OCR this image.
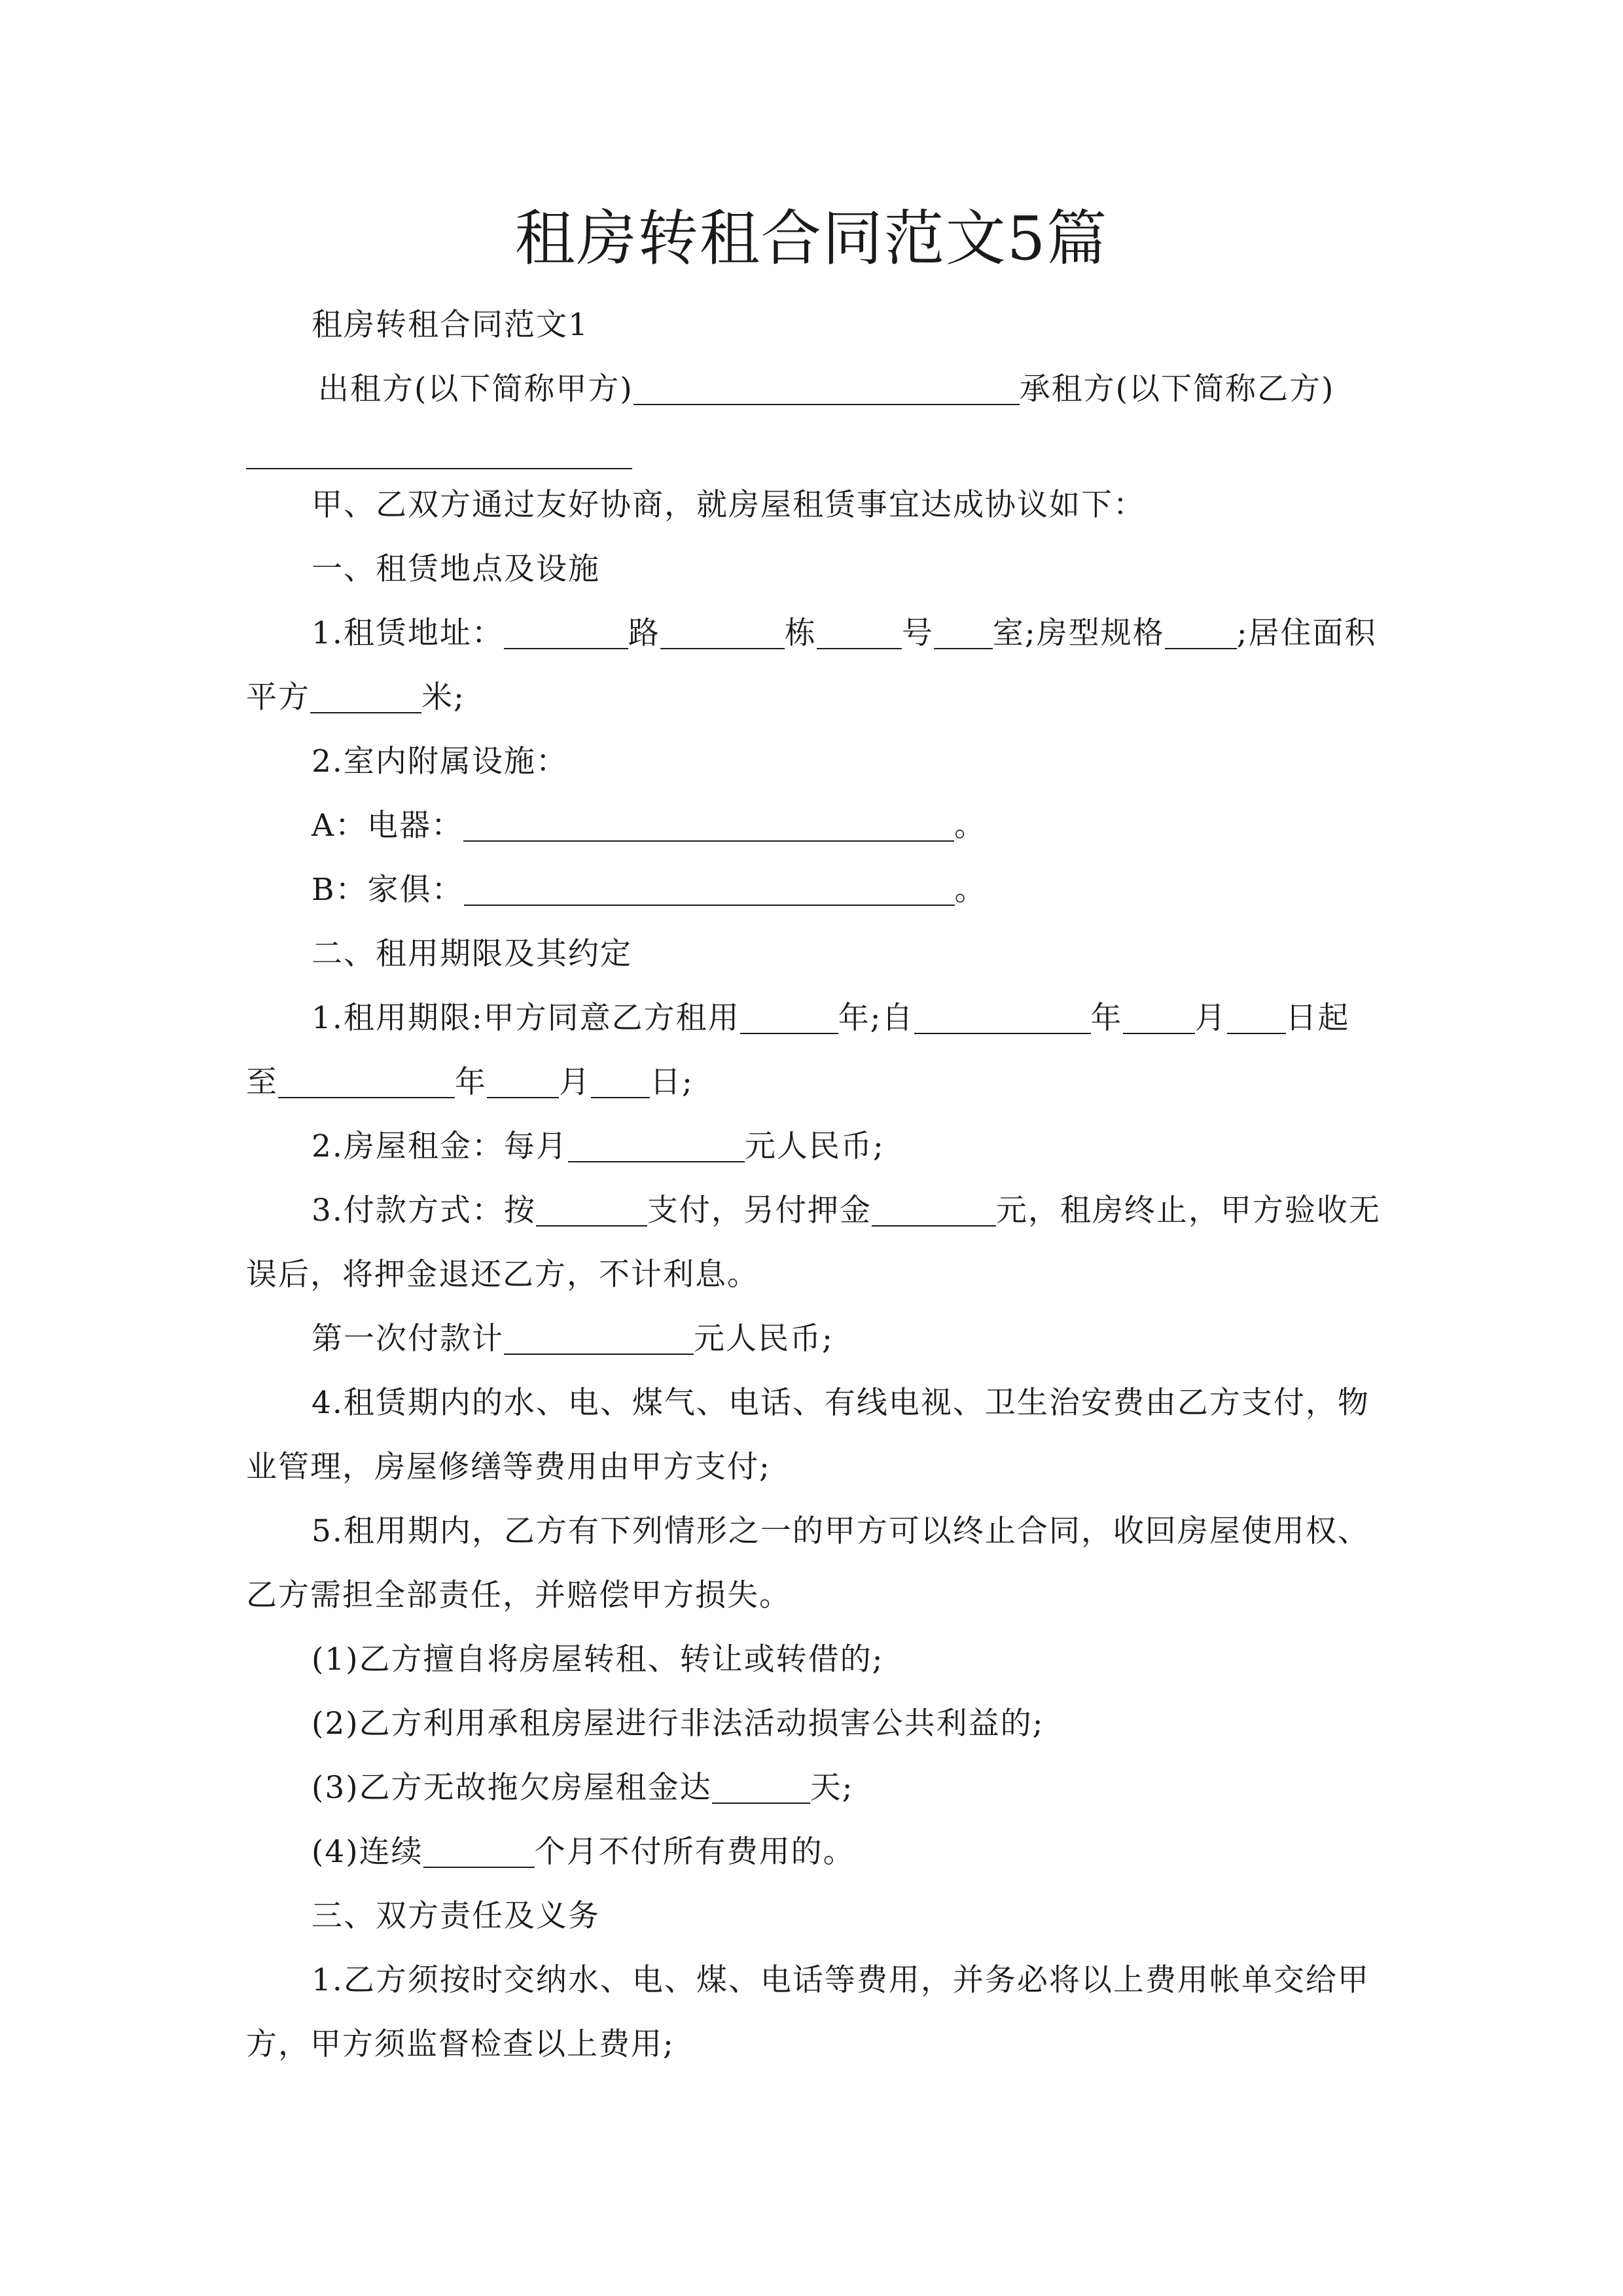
租房转租合同范文5篇
租房转租合同范文1
出租方(以下简称甲方)	承租方(以下简称乙方)
甲、乙双方通过友好协商，就房屋租赁事宜达成协议如下：
一、租赁地点及设施
1.租赁地址：	路	栋	号 室;房型规格 ;居住面积平方	米;
2.室内附属设施：
A：电器：	。
B：家俱：	。
二、租用期限及其约定
1.租用期限:甲方同意乙方租用	年;自	年 月 日起至	年 月 日;
2.房屋租金：每月	元人民币;
3.付款方式：按	支付，另付押金	元，租房终止，甲方验收无误后，将押金退还乙方，不计利息。
第一次付款计	元人民币;
4.租赁期内的水、电、煤气、电话、有线电视、卫生治安费由乙方支付，物业管理，房屋修缮等费用由甲方支付;
5.租用期内，乙方有下列情形之一的甲方可以终止合同，收回房屋使用权、乙方需担全部责任，并赔偿甲方损失。
(1)乙方擅自将房屋转租、转让或转借的;
(2)乙方利用承租房屋进行非法活动损害公共利益的;
(3)乙方无故拖欠房屋租金达	天;
(4)连续	个月不付所有费用的。
三、双方责任及义务
1.乙方须按时交纳水、电、煤、电话等费用，并务必将以上费用帐单交给甲方，甲方须监督检查以上费用;
